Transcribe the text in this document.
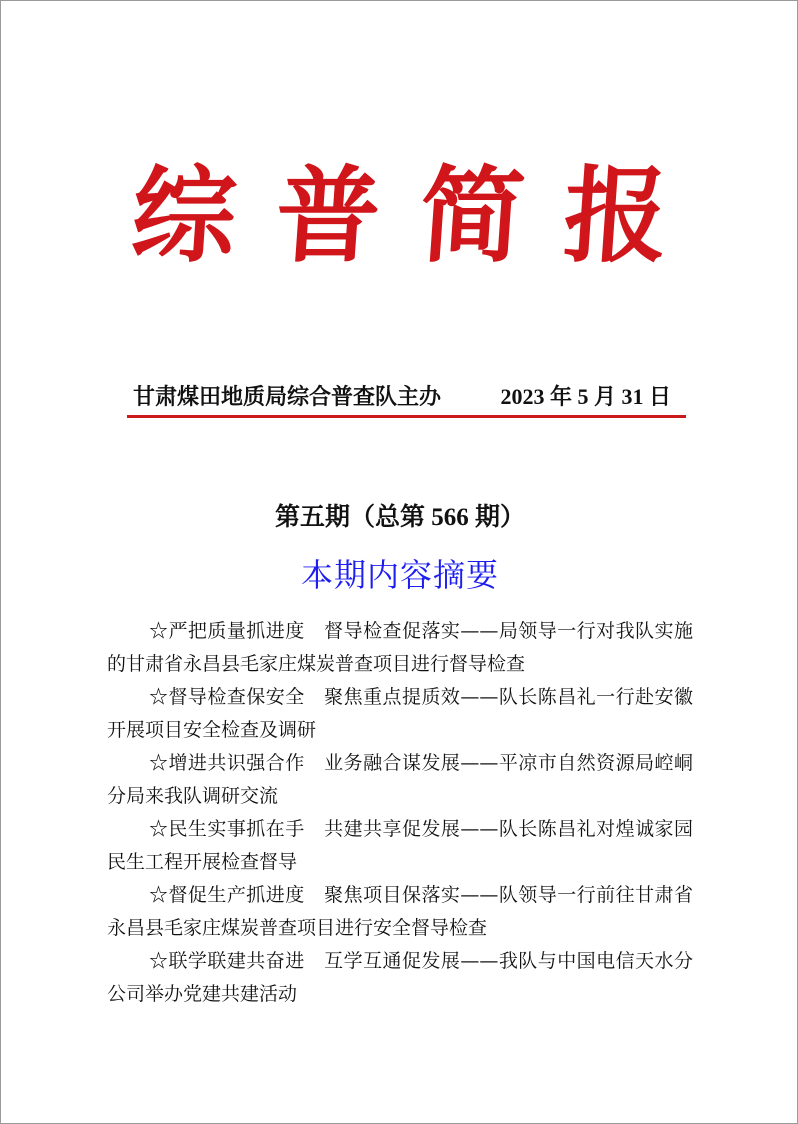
综 普 简 报
甘肃煤田地质局综合普查队主办	2023 年 5 月 31 日
第五期（总第 566 期）
本期内容摘要

☆严把质量抓进度　督导检查促落实——局领导一行对我队实施的甘肃省永昌县毛家庄煤炭普查项目进行督导检查

☆督导检查保安全　聚焦重点提质效——队长陈昌礼一行赴安徽开展项目安全检查及调研

☆增进共识强合作　业务融合谋发展——平凉市自然资源局崆峒分局来我队调研交流

☆民生实事抓在手　共建共享促发展——队长陈昌礼对煌诚家园民生工程开展检查督导

☆督促生产抓进度　聚焦项目保落实——队领导一行前往甘肃省永昌县毛家庄煤炭普查项目进行安全督导检查

☆联学联建共奋进　互学互通促发展——我队与中国电信天水分公司举办党建共建活动
